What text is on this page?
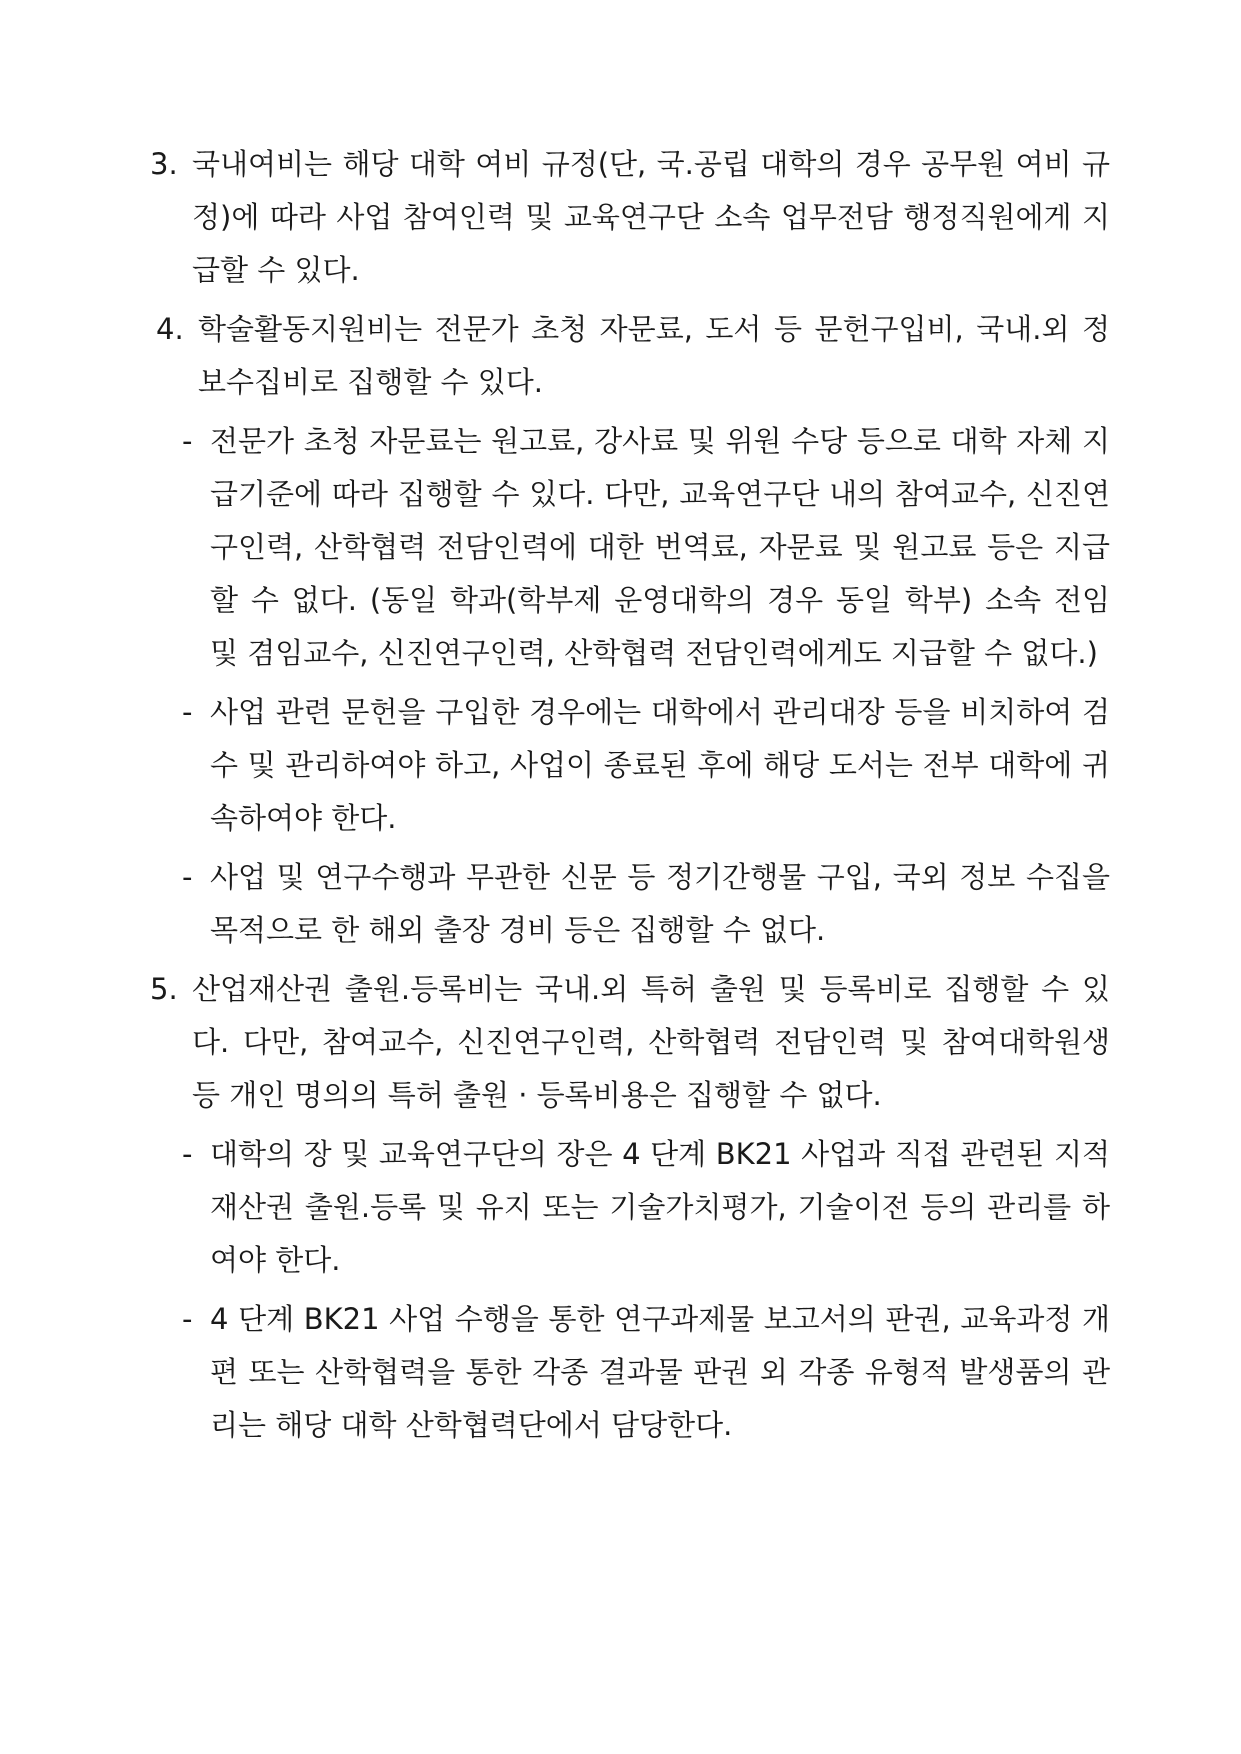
3. 국내여비는 해당 대학 여비 규정(단, 국.공립 대학의 경우 공무원 여비 규정)에 따라 사업 참여인력 및 교육연구단 소속 업무전담 행정직원에게 지급할 수 있다.
4. 학술활동지원비는 전문가 초청 자문료, 도서 등 문헌구입비, 국내.외 정보수집비로 집행할 수 있다.
- 전문가 초청 자문료는 원고료, 강사료 및 위원 수당 등으로 대학 자체 지급기준에 따라 집행할 수 있다. 다만, 교육연구단 내의 참여교수, 신진연구인력, 산학협력 전담인력에 대한 번역료, 자문료 및 원고료 등은 지급할 수 없다. (동일 학과(학부제 운영대학의 경우 동일 학부) 소속 전임 및 겸임교수, 신진연구인력, 산학협력 전담인력에게도 지급할 수 없다.)
- 사업 관련 문헌을 구입한 경우에는 대학에서 관리대장 등을 비치하여 검수 및 관리하여야 하고, 사업이 종료된 후에 해당 도서는 전부 대학에 귀속하여야 한다.
- 사업 및 연구수행과 무관한 신문 등 정기간행물 구입, 국외 정보 수집을 목적으로 한 해외 출장 경비 등은 집행할 수 없다.
5. 산업재산권 출원.등록비는 국내.외 특허 출원 및 등록비로 집행할 수 있다. 다만, 참여교수, 신진연구인력, 산학협력 전담인력 및 참여대학원생 등 개인 명의의 특허 출원 · 등록비용은 집행할 수 없다.
- 대학의 장 및 교육연구단의 장은 4 단계 BK21 사업과 직접 관련된 지적재산권 출원.등록 및 유지 또는 기술가치평가, 기술이전 등의 관리를 하여야 한다.
- 4 단계 BK21 사업 수행을 통한 연구과제물 보고서의 판권, 교육과정 개편 또는 산학협력을 통한 각종 결과물 판권 외 각종 유형적 발생품의 관리는 해당 대학 산학협력단에서 담당한다.
